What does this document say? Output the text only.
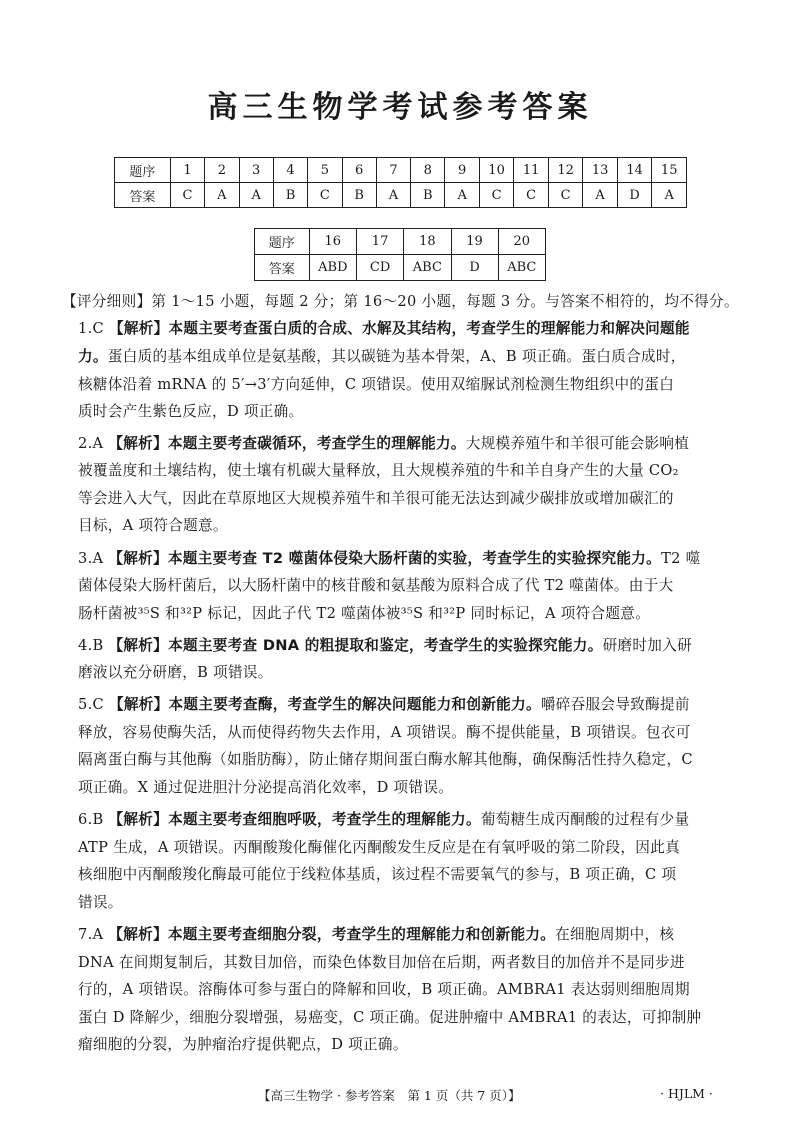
高三生物学考试参考答案
题序	1	2	3	4	5	6	7	8	9	10	11	12	13	14	15
答案	C	A	A	B	C	B	A	B	A	C	C	C	A	D	A
题序	16	17	18	19	20
答案	ABD	CD	ABC	D	ABC
【评分细则】第 1～15 小题，每题 2 分；第 16～20 小题，每题 3 分。与答案不相符的，均不得分。
1.C 【解析】本题主要考查蛋白质的合成、水解及其结构，考查学生的理解能力和解决问题能
力。蛋白质的基本组成单位是氨基酸，其以碳链为基本骨架，A、B 项正确。蛋白质合成时，
核糖体沿着 mRNA 的 5′→3′方向延伸，C 项错误。使用双缩脲试剂检测生物组织中的蛋白
质时会产生紫色反应，D 项正确。
2.A 【解析】本题主要考查碳循环，考查学生的理解能力。大规模养殖牛和羊很可能会影响植
被覆盖度和土壤结构，使土壤有机碳大量释放，且大规模养殖的牛和羊自身产生的大量 CO₂
等会进入大气，因此在草原地区大规模养殖牛和羊很可能无法达到减少碳排放或增加碳汇的
目标，A 项符合题意。
3.A 【解析】本题主要考查 T2 噬菌体侵染大肠杆菌的实验，考查学生的实验探究能力。T2 噬
菌体侵染大肠杆菌后，以大肠杆菌中的核苷酸和氨基酸为原料合成了代 T2 噬菌体。由于大
肠杆菌被³⁵S 和³²P 标记，因此子代 T2 噬菌体被³⁵S 和³²P 同时标记，A 项符合题意。
4.B 【解析】本题主要考查 DNA 的粗提取和鉴定，考查学生的实验探究能力。研磨时加入研
磨液以充分研磨，B 项错误。
5.C 【解析】本题主要考查酶，考查学生的解决问题能力和创新能力。嚼碎吞服会导致酶提前
释放，容易使酶失活，从而使得药物失去作用，A 项错误。酶不提供能量，B 项错误。包衣可
隔离蛋白酶与其他酶（如脂肪酶），防止储存期间蛋白酶水解其他酶，确保酶活性持久稳定，C
项正确。X 通过促进胆汁分泌提高消化效率，D 项错误。
6.B 【解析】本题主要考查细胞呼吸，考查学生的理解能力。葡萄糖生成丙酮酸的过程有少量
ATP 生成，A 项错误。丙酮酸羧化酶催化丙酮酸发生反应是在有氧呼吸的第二阶段，因此真
核细胞中丙酮酸羧化酶最可能位于线粒体基质，该过程不需要氧气的参与，B 项正确，C 项
错误。
7.A 【解析】本题主要考查细胞分裂，考查学生的理解能力和创新能力。在细胞周期中，核
DNA 在间期复制后，其数目加倍，而染色体数目加倍在后期，两者数目的加倍并不是同步进
行的，A 项错误。溶酶体可参与蛋白的降解和回收，B 项正确。AMBRA1 表达弱则细胞周期
蛋白 D 降解少，细胞分裂增强，易癌变，C 项正确。促进肿瘤中 AMBRA1 的表达，可抑制肿
瘤细胞的分裂，为肿瘤治疗提供靶点，D 项正确。
【高三生物学 · 参考答案　第 1 页（共 7 页）】	· HJLM ·
